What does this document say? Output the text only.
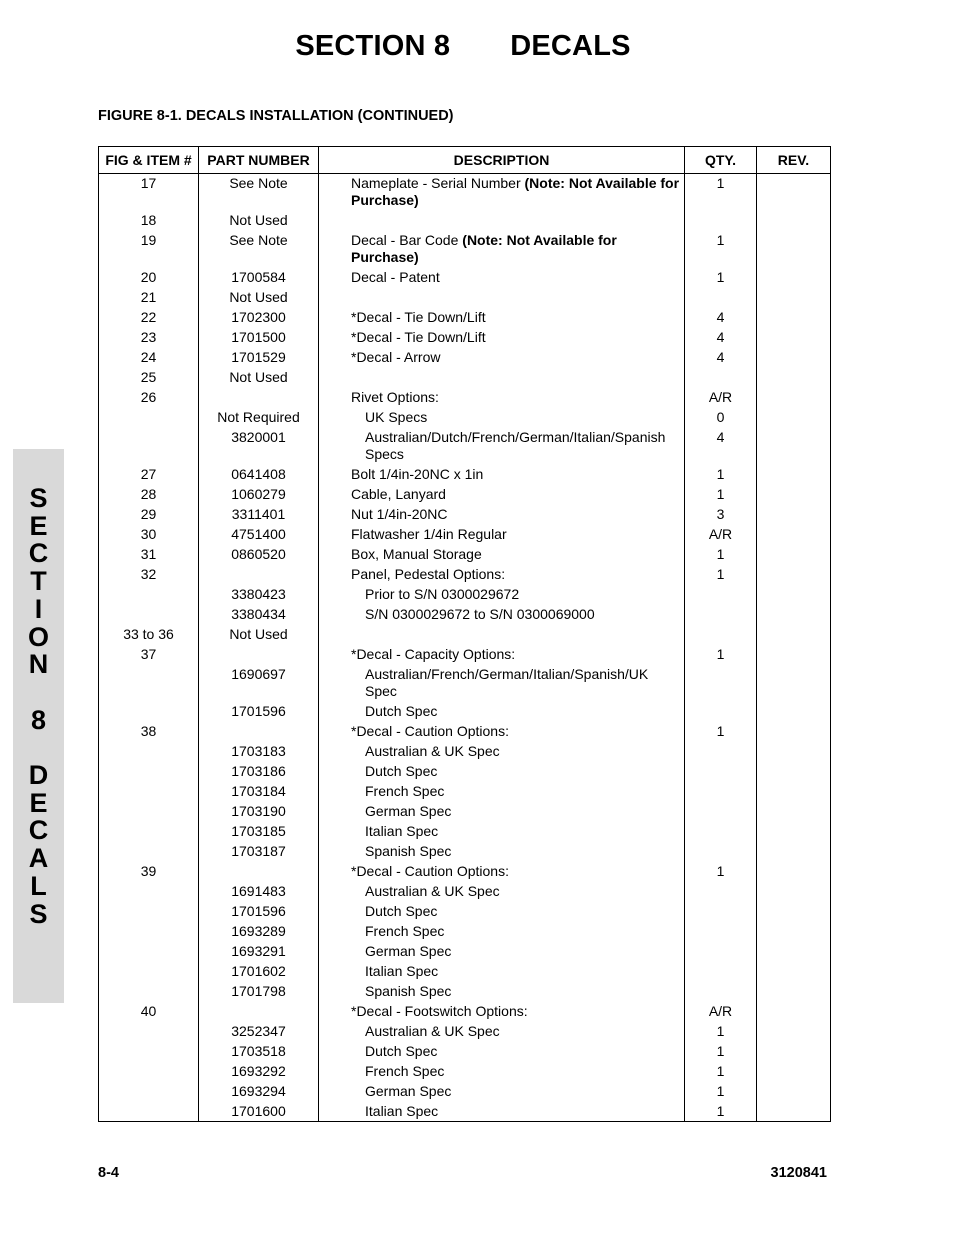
SECTION 8 DECALS
FIGURE 8-1. DECALS INSTALLATION (CONTINUED)
FIG & ITEM #	PART NUMBER	DESCRIPTION	QTY.	REV.
17	See Note	Nameplate - Serial Number (Note: Not Available for Purchase)	1	
18	Not Used			
19	See Note	Decal - Bar Code (Note: Not Available for Purchase)	1	
20	1700584	Decal - Patent	1	
21	Not Used			
22	1702300	*Decal - Tie Down/Lift	4	
23	1701500	*Decal - Tie Down/Lift	4	
24	1701529	*Decal - Arrow	4	
25	Not Used			
26		Rivet Options:	A/R	
	Not Required	UK Specs	0	
	3820001	Australian/Dutch/French/German/Italian/Spanish Specs	4	
27	0641408	Bolt 1/4in-20NC x 1in	1	
28	1060279	Cable, Lanyard	1	
29	3311401	Nut 1/4in-20NC	3	
30	4751400	Flatwasher 1/4in Regular	A/R	
31	0860520	Box, Manual Storage	1	
32		Panel, Pedestal Options:	1	
	3380423	Prior to S/N 0300029672		
	3380434	S/N 0300029672 to S/N 0300069000		
33 to 36	Not Used			
37		*Decal - Capacity Options:	1	
	1690697	Australian/French/German/Italian/Spanish/UK Spec		
	1701596	Dutch Spec		
38		*Decal - Caution Options:	1	
	1703183	Australian & UK Spec		
	1703186	Dutch Spec		
	1703184	French Spec		
	1703190	German Spec		
	1703185	Italian Spec		
	1703187	Spanish Spec		
39		*Decal - Caution Options:	1	
	1691483	Australian & UK Spec		
	1701596	Dutch Spec		
	1693289	French Spec		
	1693291	German Spec		
	1701602	Italian Spec		
	1701798	Spanish Spec		
40		*Decal - Footswitch Options:	A/R	
	3252347	Australian & UK Spec	1	
	1703518	Dutch Spec	1	
	1693292	French Spec	1	
	1693294	German Spec	1	
	1701600	Italian Spec	1	
S
E
C
T
I
O
N

8

D
E
C
A
L
S
8-4	3120841
